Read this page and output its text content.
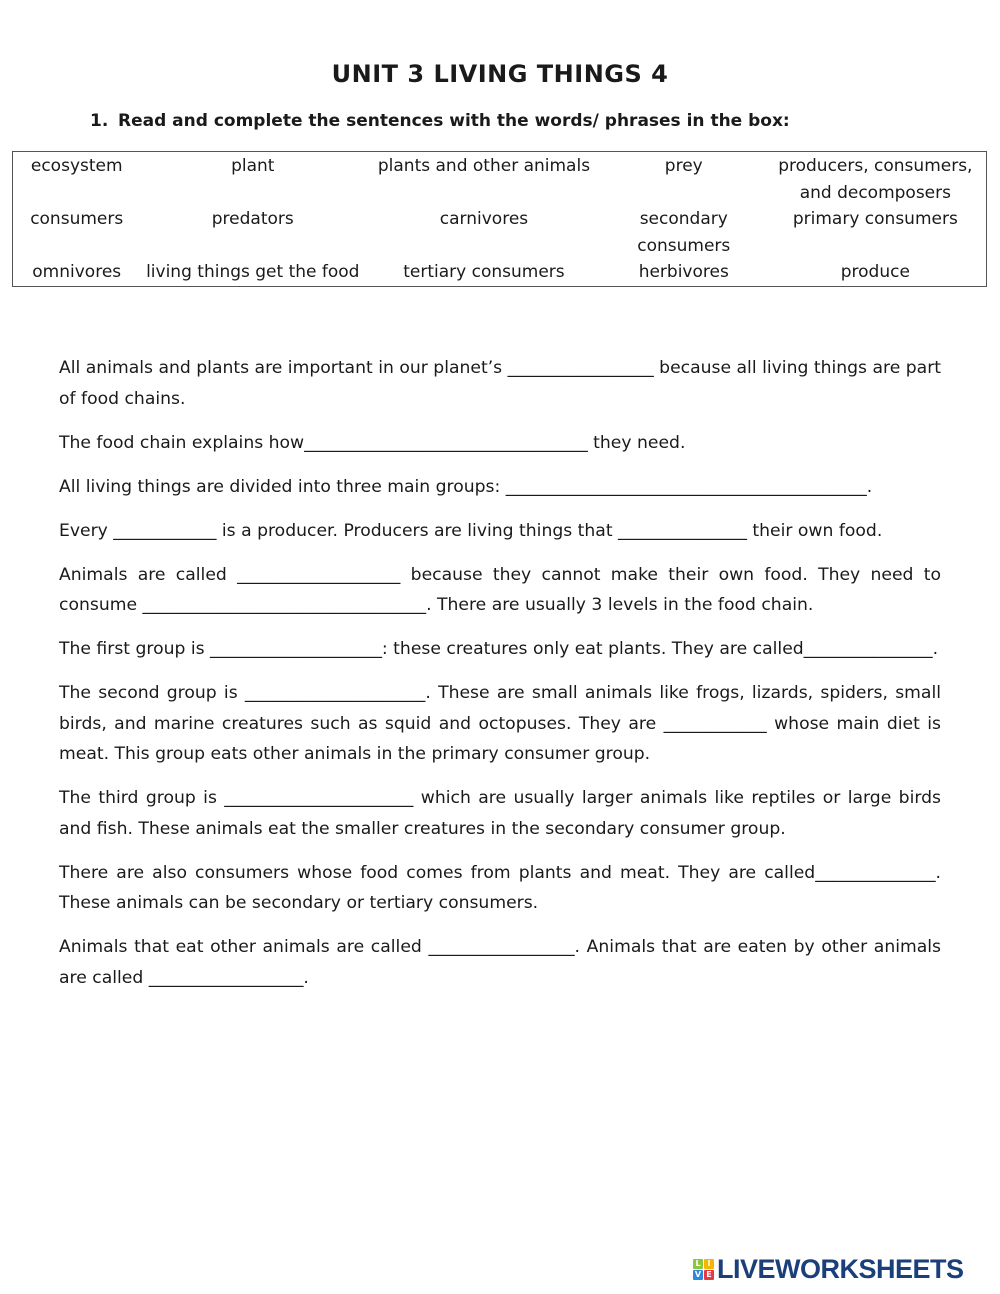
UNIT 3 LIVING THINGS 4
1. Read and complete the sentences with the words/ phrases in the box:
ecosystem	plant	plants and other animals	prey	producers, consumers, and decomposers
consumers	predators	carnivores	secondary consumers	primary consumers
omnivores	living things get the food	tertiary consumers	herbivores	produce

All animals and plants are important in our planet’s _________________ because all living things are part of food chains.

The food chain explains how_________________________________ they need.

All living things are divided into three main groups: __________________________________________.

Every ____________ is a producer. Producers are living things that _______________ their own food.

Animals are called ___________________ because they cannot make their own food. They need to consume _________________________________. There are usually 3 levels in the food chain.

The first group is ____________________: these creatures only eat plants. They are called_______________.

The second group is _____________________. These are small animals like frogs, lizards, spiders, small birds, and marine creatures such as squid and octopuses. They are ____________ whose main diet is meat. This group eats other animals in the primary consumer group.

The third group is ______________________ which are usually larger animals like reptiles or large birds and fish. These animals eat the smaller creatures in the secondary consumer group.

There are also consumers whose food comes from plants and meat. They are called______________. These animals can be secondary or tertiary consumers.

Animals that eat other animals are called _________________. Animals that are eaten by other animals are called __________________.

L I
V E LIVEWORKSHEETS
